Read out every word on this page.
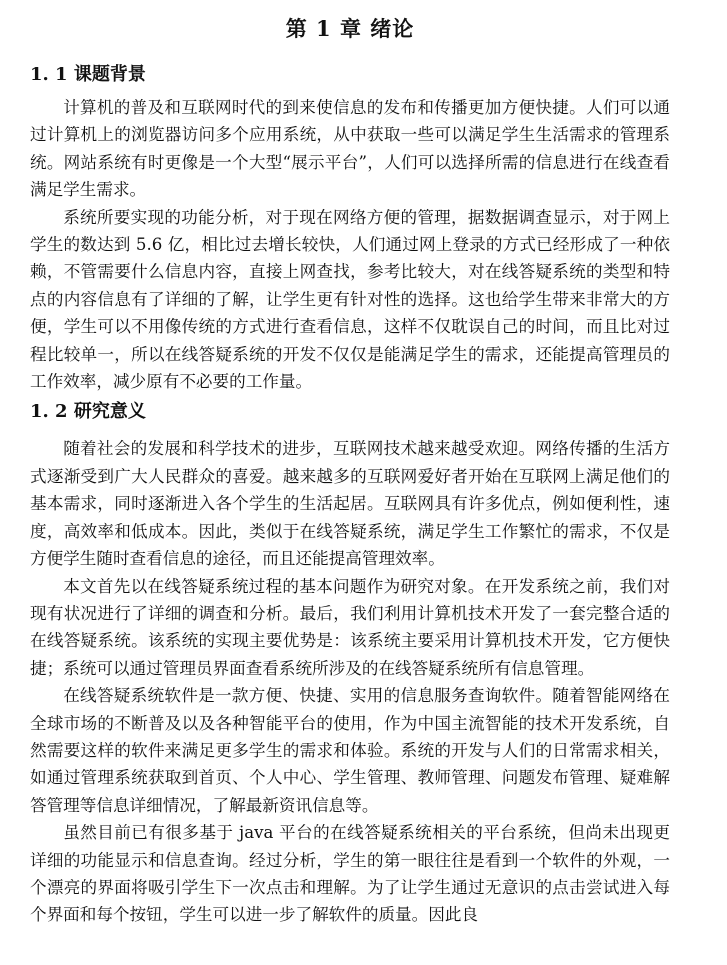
第 1 章 绪论
1. 1 课题背景

计算机的普及和互联网时代的到来使信息的发布和传播更加方便快捷。人们可以通过计算机上的浏览器访问多个应用系统，从中获取一些可以满足学生生活需求的管理系统。网站系统有时更像是一个大型“展示平台”，人们可以选择所需的信息进行在线查看满足学生需求。

系统所要实现的功能分析，对于现在网络方便的管理，据数据调查显示，对于网上学生的数达到 5.6 亿，相比过去增长较快，人们通过网上登录的方式已经形成了一种依赖，不管需要什么信息内容，直接上网查找，参考比较大，对在线答疑系统的类型和特点的内容信息有了详细的了解，让学生更有针对性的选择。这也给学生带来非常大的方便，学生可以不用像传统的方式进行查看信息，这样不仅耽误自己的时间，而且比对过程比较单一，所以在线答疑系统的开发不仅仅是能满足学生的需求，还能提高管理员的工作效率，减少原有不必要的工作量。

1. 2 研究意义

随着社会的发展和科学技术的进步，互联网技术越来越受欢迎。网络传播的生活方式逐渐受到广大人民群众的喜爱。越来越多的互联网爱好者开始在互联网上满足他们的基本需求，同时逐渐进入各个学生的生活起居。互联网具有许多优点，例如便利性，速度，高效率和低成本。因此，类似于在线答疑系统，满足学生工作繁忙的需求，不仅是方便学生随时查看信息的途径，而且还能提高管理效率。

本文首先以在线答疑系统过程的基本问题作为研究对象。在开发系统之前，我们对现有状况进行了详细的调查和分析。最后，我们利用计算机技术开发了一套完整合适的在线答疑系统。该系统的实现主要优势是：该系统主要采用计算机技术开发，它方便快捷；系统可以通过管理员界面查看系统所涉及的在线答疑系统所有信息管理。

在线答疑系统软件是一款方便、快捷、实用的信息服务查询软件。随着智能网络在全球市场的不断普及以及各种智能平台的使用，作为中国主流智能的技术开发系统，自然需要这样的软件来满足更多学生的需求和体验。系统的开发与人们的日常需求相关，如通过管理系统获取到首页、个人中心、学生管理、教师管理、问题发布管理、疑难解答管理等信息详细情况，了解最新资讯信息等。

虽然目前已有很多基于 java 平台的在线答疑系统相关的平台系统，但尚未出现更详细的功能显示和信息查询。经过分析，学生的第一眼往往是看到一个软件的外观，一个漂亮的界面将吸引学生下一次点击和理解。为了让学生通过无意识的点击尝试进入每个界面和每个按钮，学生可以进一步了解软件的质量。因此良
